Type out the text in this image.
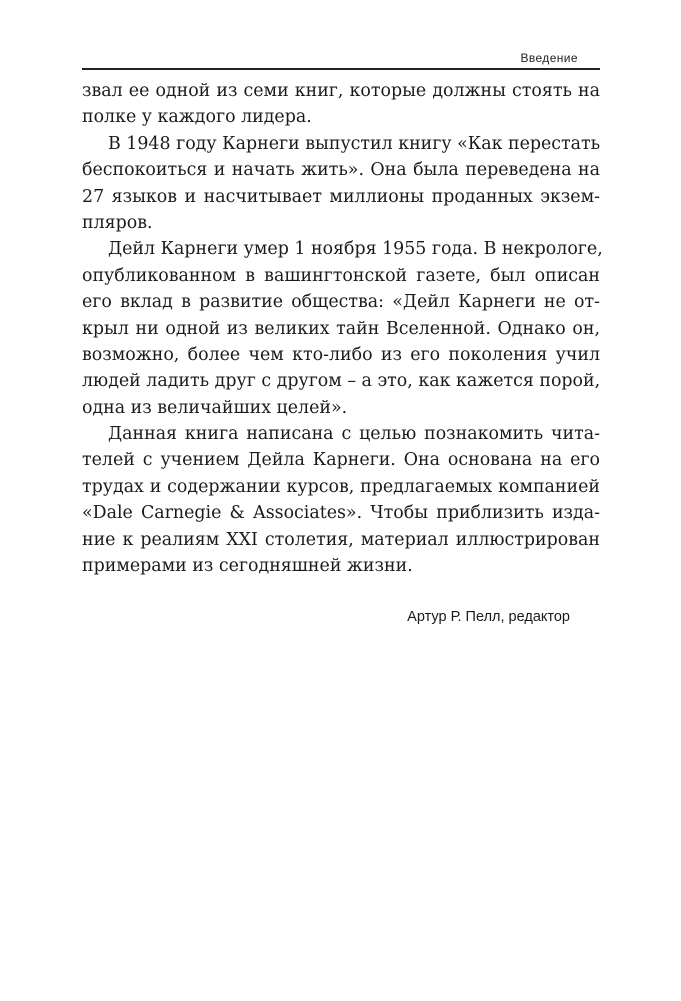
Введение
звал ее одной из семи книг, которые должны стоять на
полке у каждого лидера.
В 1948 году Карнеги выпустил книгу «Как перестать
беспокоиться и начать жить». Она была переведена на
27 языков и насчитывает миллионы проданных экзем-
пляров.
Дейл Карнеги умер 1 ноября 1955 года. В некрологе,
опубликованном в вашингтонской газете, был описан
его вклад в развитие общества: «Дейл Карнеги не от-
крыл ни одной из великих тайн Вселенной. Однако он,
возможно, более чем кто-либо из его поколения учил
людей ладить друг с другом – а это, как кажется порой,
одна из величайших целей».
Данная книга написана с целью познакомить чита-
телей с учением Дейла Карнеги. Она основана на его
трудах и содержании курсов, предлагаемых компанией
«Dale Carnegie & Associates». Чтобы приблизить изда-
ние к реалиям XXI столетия, материал иллюстрирован
примерами из сегодняшней жизни.
Артур Р. Пелл, редактор
